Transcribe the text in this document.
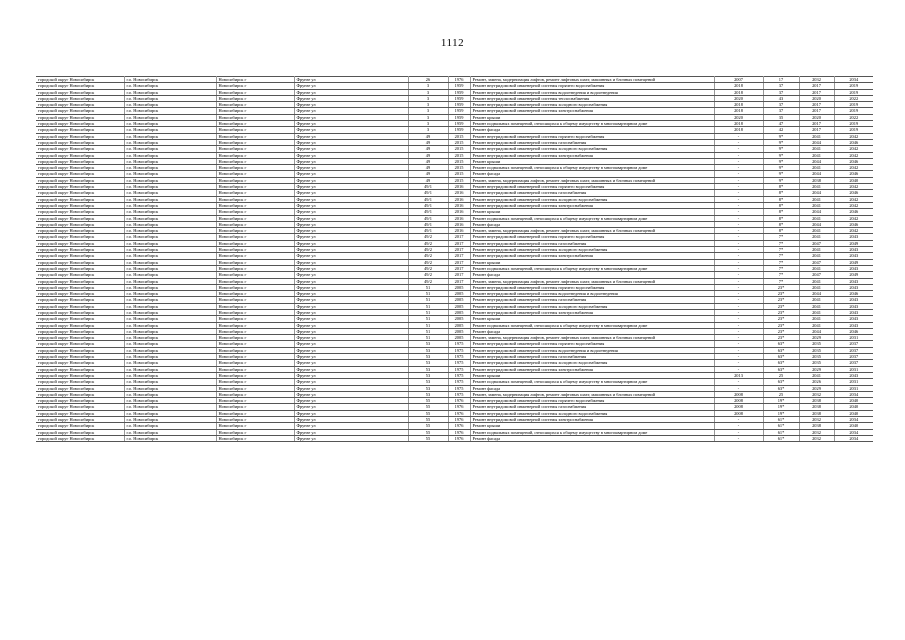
1112
городской округ Новосибирск	г.о. Новосибирск	Новосибирск г	Фрунзе ул	26	1976	Ремонт, замена, модернизация лифтов, ремонт лифтовых шахт, машинных и блочных помещений	2007	17	2032	2034
городской округ Новосибирск	г.о. Новосибирск	Новосибирск г	Фрунзе ул	3	1959	Ремонт внутридомовой инженерной системы горячего водоснабжения	2018	37	2017	2019
городской округ Новосибирск	г.о. Новосибирск	Новосибирск г	Фрунзе ул	3	1959	Ремонт внутридомовой инженерной системы водоотведения и водоотведения	2018	37	2017	2019
городской округ Новосибирск	г.о. Новосибирск	Новосибирск г	Фрунзе ул	3	1959	Ремонт внутридомовой инженерной системы теплоснабжения	2020	43	2020	2022
городской округ Новосибирск	г.о. Новосибирск	Новосибирск г	Фрунзе ул	3	1959	Ремонт внутридомовой инженерной системы холодного водоснабжения	2018	37	2017	2019
городской округ Новосибирск	г.о. Новосибирск	Новосибирск г	Фрунзе ул	3	1959	Ремонт внутридомовой инженерной системы электроснабжения	2018	37	2017	2019
городской округ Новосибирск	г.о. Новосибирск	Новосибирск г	Фрунзе ул	3	1959	Ремонт крыши	2020	35	2020	2022
городской округ Новосибирск	г.о. Новосибирск	Новосибирск г	Фрунзе ул	3	1959	Ремонт подвальных помещений, относящихся к общему имуществу в многоквартирном доме	2018	47	2017	2019
городской округ Новосибирск	г.о. Новосибирск	Новосибирск г	Фрунзе ул	3	1959	Ремонт фасада	2018	42	2017	2019
городской округ Новосибирск	г.о. Новосибирск	Новосибирск г	Фрунзе ул	49	2015	Ремонт внутридомовой инженерной системы горячего водоснабжения	-	9*	2041	2042
городской округ Новосибирск	г.о. Новосибирск	Новосибирск г	Фрунзе ул	49	2015	Ремонт внутридомовой инженерной системы газоснабжения	-	9*	2044	2046
городской округ Новосибирск	г.о. Новосибирск	Новосибирск г	Фрунзе ул	49	2015	Ремонт внутридомовой инженерной системы холодного водоснабжения	-	9*	2041	2042
городской округ Новосибирск	г.о. Новосибирск	Новосибирск г	Фрунзе ул	49	2015	Ремонт внутридомовой инженерной системы электроснабжения	-	9*	2041	2042
городской округ Новосибирск	г.о. Новосибирск	Новосибирск г	Фрунзе ул	49	2015	Ремонт крыши	-	9*	2044	2046
городской округ Новосибирск	г.о. Новосибирск	Новосибирск г	Фрунзе ул	49	2015	Ремонт подвальных помещений, относящихся к общему имуществу в многоквартирном доме	-	9*	2041	2042
городской округ Новосибирск	г.о. Новосибирск	Новосибирск г	Фрунзе ул	49	2015	Ремонт фасада	-	9*	2044	2046
городской округ Новосибирск	г.о. Новосибирск	Новосибирск г	Фрунзе ул	49	2015	Ремонт, замена, модернизация лифтов, ремонт лифтовых шахт, машинных и блочных помещений	-	9*	2038	2040
городской округ Новосибирск	г.о. Новосибирск	Новосибирск г	Фрунзе ул	49/1	2016	Ремонт внутридомовой инженерной системы горячего водоснабжения	-	8*	2041	2042
городской округ Новосибирск	г.о. Новосибирск	Новосибирск г	Фрунзе ул	49/1	2016	Ремонт внутридомовой инженерной системы газоснабжения	-	8*	2044	2046
городской округ Новосибирск	г.о. Новосибирск	Новосибирск г	Фрунзе ул	49/1	2016	Ремонт внутридомовой инженерной системы холодного водоснабжения	-	8*	2041	2042
городской округ Новосибирск	г.о. Новосибирск	Новосибирск г	Фрунзе ул	49/1	2016	Ремонт внутридомовой инженерной системы электроснабжения	-	8*	2041	2042
городской округ Новосибирск	г.о. Новосибирск	Новосибирск г	Фрунзе ул	49/1	2016	Ремонт крыши	-	8*	2044	2046
городской округ Новосибирск	г.о. Новосибирск	Новосибирск г	Фрунзе ул	49/1	2016	Ремонт подвальных помещений, относящихся к общему имуществу в многоквартирном доме	-	8*	2041	2042
городской округ Новосибирск	г.о. Новосибирск	Новосибирск г	Фрунзе ул	49/1	2016	Ремонт фасада	-	8*	2044	2046
городской округ Новосибирск	г.о. Новосибирск	Новосибирск г	Фрунзе ул	49/1	2016	Ремонт, замена, модернизация лифтов, ремонт лифтовых шахт, машинных и блочных помещений	-	8*	2041	2042
городской округ Новосибирск	г.о. Новосибирск	Новосибирск г	Фрунзе ул	49/2	2017	Ремонт внутридомовой инженерной системы горячего водоснабжения	-	7*	2041	2043
городской округ Новосибирск	г.о. Новосибирск	Новосибирск г	Фрунзе ул	49/2	2017	Ремонт внутридомовой инженерной системы газоснабжения	-	7*	2047	2049
городской округ Новосибирск	г.о. Новосибирск	Новосибирск г	Фрунзе ул	49/2	2017	Ремонт внутридомовой инженерной системы холодного водоснабжения	-	7*	2041	2043
городской округ Новосибирск	г.о. Новосибирск	Новосибирск г	Фрунзе ул	49/2	2017	Ремонт внутридомовой инженерной системы электроснабжения	-	7*	2041	2043
городской округ Новосибирск	г.о. Новосибирск	Новосибирск г	Фрунзе ул	49/2	2017	Ремонт крыши	-	7*	2047	2049
городской округ Новосибирск	г.о. Новосибирск	Новосибирск г	Фрунзе ул	49/2	2017	Ремонт подвальных помещений, относящихся к общему имуществу в многоквартирном доме	-	7*	2041	2043
городской округ Новосибирск	г.о. Новосибирск	Новосибирск г	Фрунзе ул	49/2	2017	Ремонт фасада	-	7*	2047	2049
городской округ Новосибирск	г.о. Новосибирск	Новосибирск г	Фрунзе ул	49/2	2017	Ремонт, замена, модернизация лифтов, ремонт лифтовых шахт, машинных и блочных помещений	-	7*	2041	2043
городской округ Новосибирск	г.о. Новосибирск	Новосибирск г	Фрунзе ул	51	2005	Ремонт внутридомовой инженерной системы горячего водоснабжения	-	23*	2041	2043
городской округ Новосибирск	г.о. Новосибирск	Новосибирск г	Фрунзе ул	51	2005	Ремонт внутридомовой инженерной системы водоотведения и водоотведения	-	23*	2044	2046
городской округ Новосибирск	г.о. Новосибирск	Новосибирск г	Фрунзе ул	51	2005	Ремонт внутридомовой инженерной системы газоснабжения	-	23*	2041	2043
городской округ Новосибирск	г.о. Новосибирск	Новосибирск г	Фрунзе ул	51	2005	Ремонт внутридомовой инженерной системы холодного водоснабжения	-	23*	2041	2043
городской округ Новосибирск	г.о. Новосибирск	Новосибирск г	Фрунзе ул	51	2005	Ремонт внутридомовой инженерной системы электроснабжения	-	23*	2041	2043
городской округ Новосибирск	г.о. Новосибирск	Новосибирск г	Фрунзе ул	51	2005	Ремонт крыши	-	23*	2041	2043
городской округ Новосибирск	г.о. Новосибирск	Новосибирск г	Фрунзе ул	51	2005	Ремонт подвальных помещений, относящихся к общему имуществу в многоквартирном доме	-	23*	2041	2043
городской округ Новосибирск	г.о. Новосибирск	Новосибирск г	Фрунзе ул	51	2005	Ремонт фасада	-	23*	2044	2046
городской округ Новосибирск	г.о. Новосибирск	Новосибирск г	Фрунзе ул	51	2005	Ремонт, замена, модернизация лифтов, ремонт лифтовых шахт, машинных и блочных помещений	-	23*	2029	2031
городской округ Новосибирск	г.о. Новосибирск	Новосибирск г	Фрунзе ул	53	1975	Ремонт внутридомовой инженерной системы горячего водоснабжения	-	63*	2035	2037
городской округ Новосибирск	г.о. Новосибирск	Новосибирск г	Фрунзе ул	53	1975	Ремонт внутридомовой инженерной системы водоотведения и водоотведения	-	63*	2035	2037
городской округ Новосибирск	г.о. Новосибирск	Новосибирск г	Фрунзе ул	53	1975	Ремонт внутридомовой инженерной системы газоснабжения	-	63*	2035	2037
городской округ Новосибирск	г.о. Новосибирск	Новосибирск г	Фрунзе ул	53	1975	Ремонт внутридомовой инженерной системы холодного водоснабжения	-	63*	2035	2037
городской округ Новосибирск	г.о. Новосибирск	Новосибирск г	Фрунзе ул	53	1975	Ремонт внутридомовой инженерной системы электроснабжения	-	63*	2029	2031
городской округ Новосибирск	г.о. Новосибирск	Новосибирск г	Фрунзе ул	53	1975	Ремонт крыши	2013	25	2041	2043
городской округ Новосибирск	г.о. Новосибирск	Новосибирск г	Фрунзе ул	53	1975	Ремонт подвальных помещений, относящихся к общему имуществу в многоквартирном доме	-	63*	2026	2031
городской округ Новосибирск	г.о. Новосибирск	Новосибирск г	Фрунзе ул	53	1975	Ремонт фасада	-	63*	2029	2031
городской округ Новосибирск	г.о. Новосибирск	Новосибирск г	Фрунзе ул	53	1975	Ремонт, замена, модернизация лифтов, ремонт лифтовых шахт, машинных и блочных помещений	2008	25	2032	2034
городской округ Новосибирск	г.о. Новосибирск	Новосибирск г	Фрунзе ул	55	1976	Ремонт внутридомовой инженерной системы горячего водоснабжения	2008	19*	2038	2040
городской округ Новосибирск	г.о. Новосибирск	Новосибирск г	Фрунзе ул	55	1976	Ремонт внутридомовой инженерной системы газоснабжения	2008	19*	2038	2040
городской округ Новосибирск	г.о. Новосибирск	Новосибирск г	Фрунзе ул	55	1976	Ремонт внутридомовой инженерной системы холодного водоснабжения	2008	19*	2038	2040
городской округ Новосибирск	г.о. Новосибирск	Новосибирск г	Фрунзе ул	55	1976	Ремонт внутридомовой инженерной системы электроснабжения	-	61*	2032	2034
городской округ Новосибирск	г.о. Новосибирск	Новосибирск г	Фрунзе ул	55	1976	Ремонт крыши	-	61*	2038	2040
городской округ Новосибирск	г.о. Новосибирск	Новосибирск г	Фрунзе ул	55	1976	Ремонт подвальных помещений, относящихся к общему имуществу в многоквартирном доме	-	61*	2032	2034
городской округ Новосибирск	г.о. Новосибирск	Новосибирск г	Фрунзе ул	55	1976	Ремонт фасада	-	61*	2032	2034
